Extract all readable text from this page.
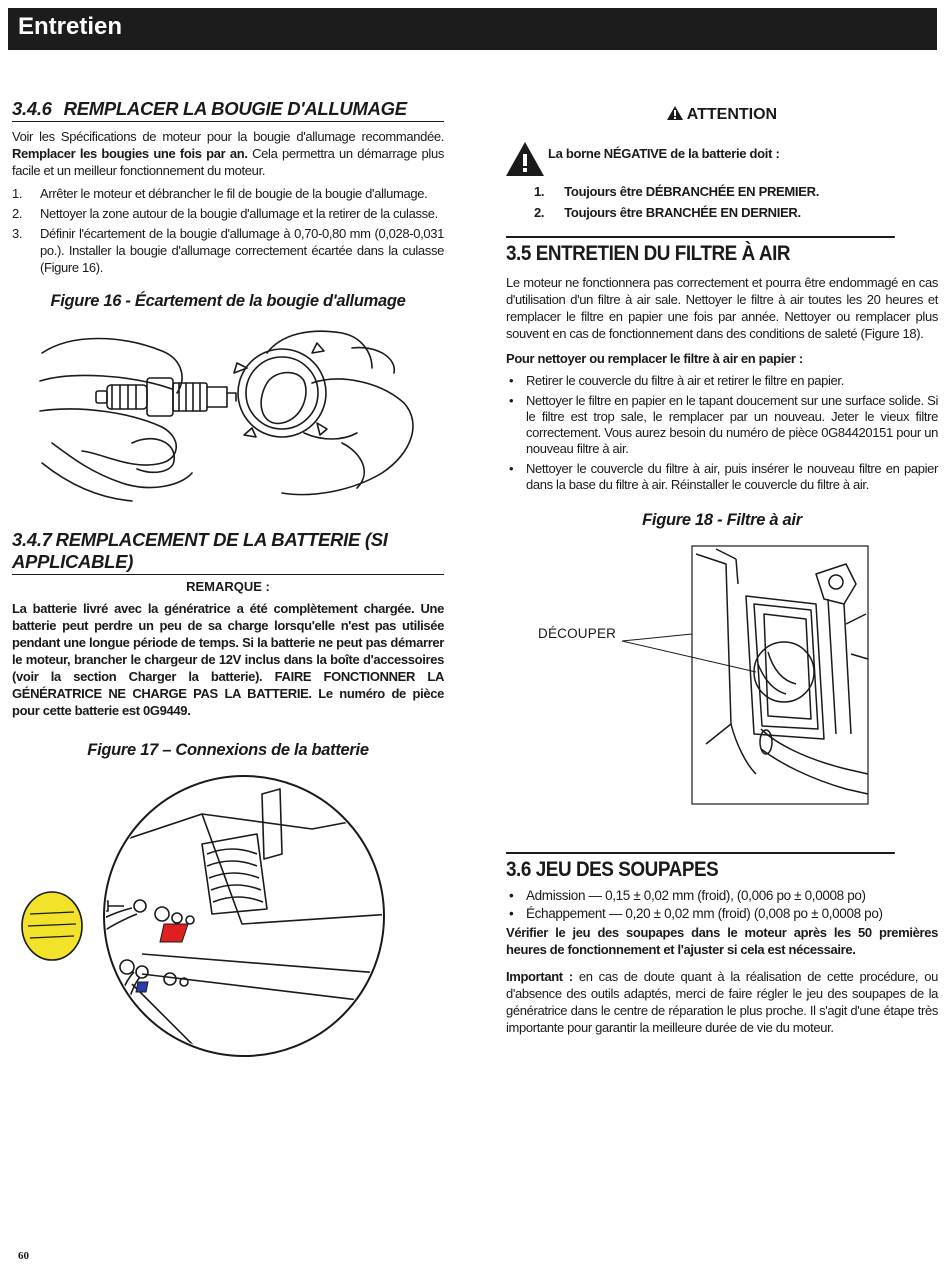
Entretien
3.4.6 REMPLACER LA BOUGIE D'ALLUMAGE

Voir les Spécifications de moteur pour la bougie d'allumage recommandée. Remplacer les bougies une fois par an. Cela permettra un démarrage plus facile et un meilleur fonctionnement du moteur.

1. Arrêter le moteur et débrancher le fil de bougie de la bougie d'allumage.
2. Nettoyer la zone autour de la bougie d'allumage et la retirer de la culasse.
3. Définir l'écartement de la bougie d'allumage à 0,70-0,80 mm (0,028-0,031 po.). Installer la bougie d'allumage correctement écartée dans la culasse (Figure 16).
Figure 16 - Écartement de la bougie d'allumage
3.4.7 REMPLACEMENT DE LA BATTERIE (SI APPLICABLE)
REMARQUE :

La batterie livré avec la génératrice a été complètement chargée. Une batterie peut perdre un peu de sa charge lorsqu'elle n'est pas utilisée pendant une longue période de temps. Si la batterie ne peut pas démarrer le moteur, brancher le chargeur de 12V inclus dans la boîte d'accessoires (voir la section Charger la batterie). FAIRE FONCTIONNER LA GÉNÉRATRICE NE CHARGE PAS LA BATTERIE. Le numéro de pièce pour cette batterie est 0G9449.

Figure 17 – Connexions de la batterie
ATTENTION
La borne NÉGATIVE de la batterie doit :
1. Toujours être DÉBRANCHÉE EN PREMIER.
2. Toujours être BRANCHÉE EN DERNIER.
3.5 ENTRETIEN DU FILTRE À AIR

Le moteur ne fonctionnera pas correctement et pourra être endommagé en cas d'utilisation d'un filtre à air sale. Nettoyer le filtre à air toutes les 20 heures et remplacer le filtre en papier une fois par année. Nettoyer ou remplacer plus souvent en cas de fonctionnement dans des conditions de saleté (Figure 18).

Pour nettoyer ou remplacer le filtre à air en papier :

• Retirer le couvercle du filtre à air et retirer le filtre en papier.
• Nettoyer le filtre en papier en le tapant doucement sur une surface solide. Si le filtre est trop sale, le remplacer par un nouveau. Jeter le vieux filtre correctement. Vous aurez besoin du numéro de pièce 0G84420151 pour un nouveau filtre à air.
• Nettoyer le couvercle du filtre à air, puis insérer le nouveau filtre en papier dans la base du filtre à air. Réinstaller le couvercle du filtre à air.
Figure 18 - Filtre à air
DÉCOUPER
3.6 JEU DES SOUPAPES
• Admission — 0,15 ± 0,02 mm (froid), (0,006 po ± 0,0008 po)
• Échappement — 0,20 ± 0,02 mm (froid) (0,008 po ± 0,0008 po)

Vérifier le jeu des soupapes dans le moteur après les 50 premières heures de fonctionnement et l'ajuster si cela est nécessaire.

Important : en cas de doute quant à la réalisation de cette procédure, ou d'absence des outils adaptés, merci de faire régler le jeu des soupapes de la génératrice dans le centre de réparation le plus proche. Il s'agit d'une étape très importante pour garantir la meilleure durée de vie du moteur.

60
